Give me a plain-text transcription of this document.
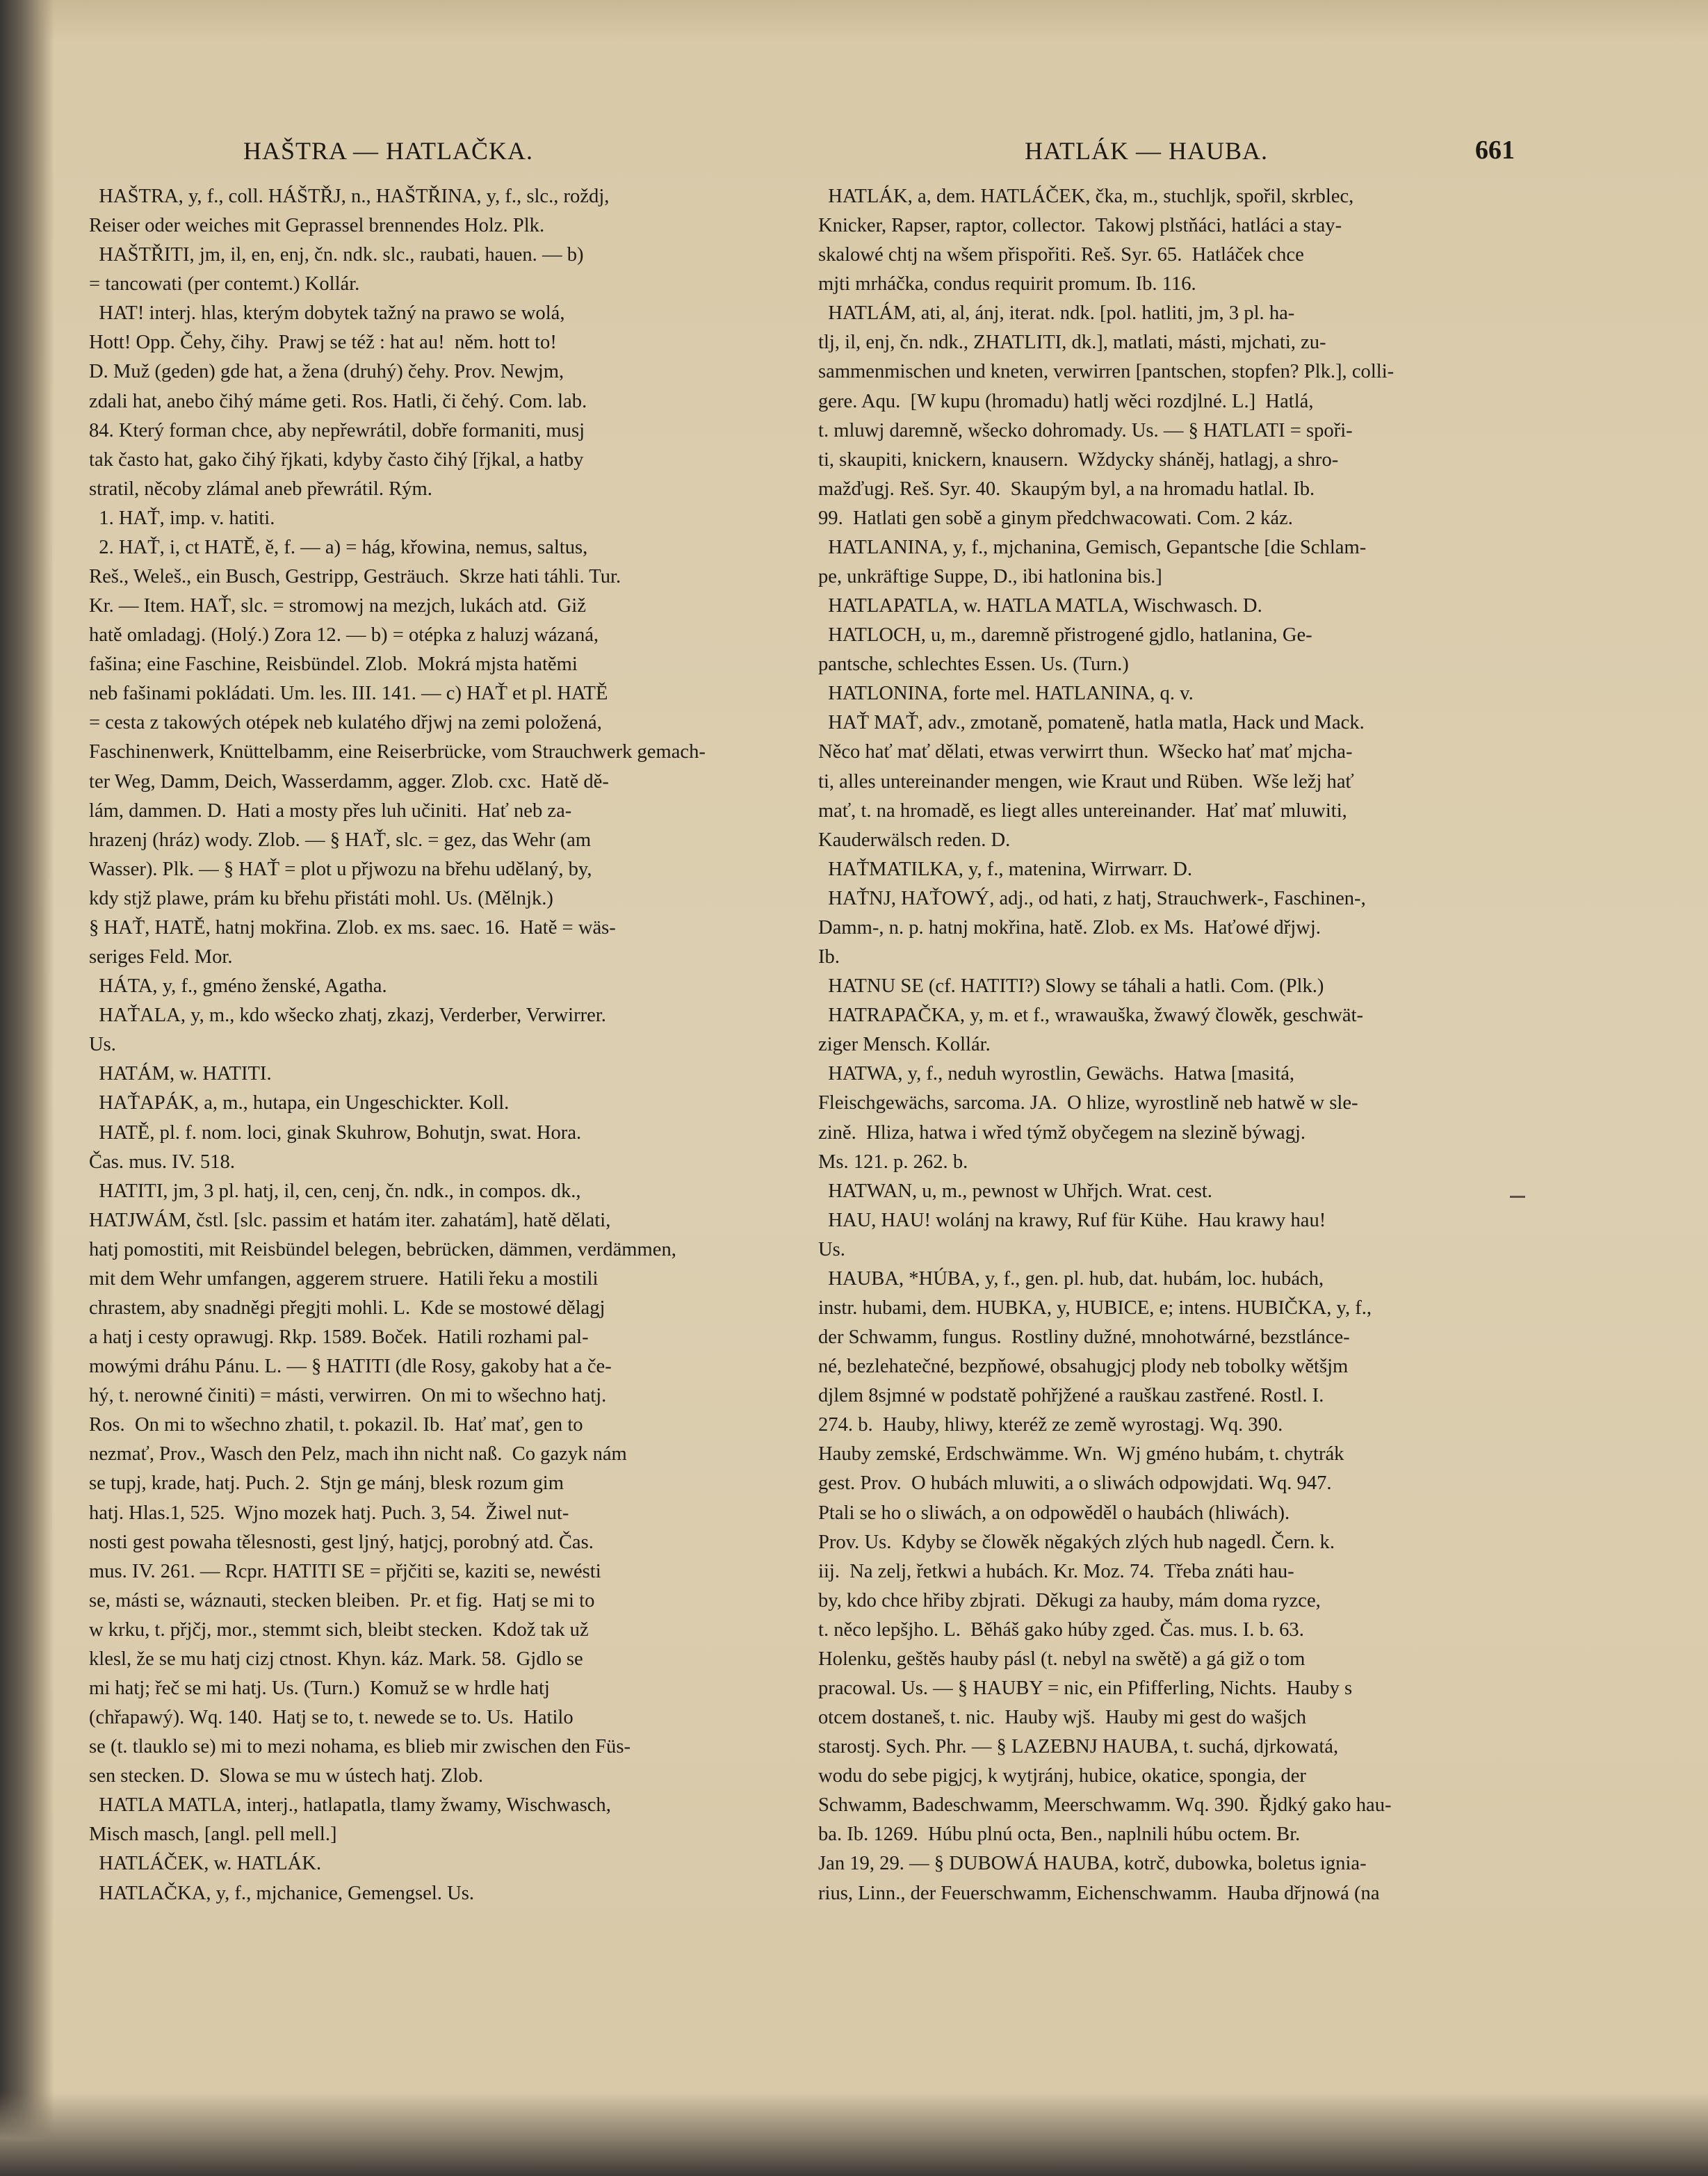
HAŠTRA — HATLAČKA.	HATLÁK — HAUBA.	661
HAŠTRA, y, f., coll. HÁŠTŘJ, n., HAŠTŘINA, y, f., slc., roždj,
Reiser oder weiches mit Geprassel brennendes Holz. Plk.
HAŠTŘITI, jm, il, en, enj, čn. ndk. slc., raubati, hauen. — b)
= tancowati (per contemt.) Kollár.
HAT! interj. hlas, kterým dobytek tažný na prawo se wolá,
Hott! Opp. Čehy, čihy.  Prawj se též : hat au!  něm. hott to!
D. Muž (geden) gde hat, a žena (druhý) čehy. Prov. Newjm,
zdali hat, anebo čihý máme geti. Ros. Hatli, či čehý. Com. lab.
84. Který forman chce, aby nepřewrátil, dobře formaniti, musj
tak často hat, gako čihý řjkati, kdyby často čihý [řjkal, a hatby
stratil, něcoby zlámal aneb přewrátil. Rým.
1. HAŤ, imp. v. hatiti.
2. HAŤ, i, ct HATĚ, ě, f. — a) = hág, křowina, nemus, saltus,
Reš., Weleš., ein Busch, Gestripp, Gesträuch.  Skrze hati táhli. Tur.
Kr. — Item. HAŤ, slc. = stromowj na mezjch, lukách atd.  Giž
hatě omladagj. (Holý.) Zora 12. — b) = otépka z haluzj wázaná,
fašina; eine Faschine, Reisbündel. Zlob.  Mokrá mjsta hatěmi
neb fašinami pokládati. Um. les. III. 141. — c) HAŤ et pl. HATĚ
= cesta z takowých otépek neb kulatého dřjwj na zemi položená,
Faschinenwerk, Knüttelbamm, eine Reiserbrücke, vom Strauchwerk gemach-
ter Weg, Damm, Deich, Wasserdamm, agger. Zlob. cxc.  Hatě dě-
lám, dammen. D.  Hati a mosty přes luh učiniti.  Hať neb za-
hrazenj (hráz) wody. Zlob. — § HAŤ, slc. = gez, das Wehr (am
Wasser). Plk. — § HAŤ = plot u přjwozu na břehu udělaný, by,
kdy stjž plawe, prám ku břehu přistáti mohl. Us. (Mělnjk.)
§ HAŤ, HATĚ, hatnj mokřina. Zlob. ex ms. saec. 16.  Hatě = wäs-
seriges Feld. Mor.
HÁTA, y, f., gméno ženské, Agatha.
HAŤALA, y, m., kdo wšecko zhatj, zkazj, Verderber, Verwirrer.
Us.
HATÁM, w. HATITI.
HAŤAPÁK, a, m., hutapa, ein Ungeschickter. Koll.
HATĚ, pl. f. nom. loci, ginak Skuhrow, Bohutjn, swat. Hora.
Čas. mus. IV. 518.
HATITI, jm, 3 pl. hatj, il, cen, cenj, čn. ndk., in compos. dk.,
HATJWÁM, čstl. [slc. passim et hatám iter. zahatám], hatě dělati,
hatj pomostiti, mit Reisbündel belegen, bebrücken, dämmen, verdämmen,
mit dem Wehr umfangen, aggerem struere.  Hatili řeku a mostili
chrastem, aby snadněgi přegjti mohli. L.  Kde se mostowé dělagj
a hatj i cesty oprawugj. Rkp. 1589. Boček.  Hatili rozhami pal-
mowými dráhu Pánu. L. — § HATITI (dle Rosy, gakoby hat a če-
hý, t. nerowné činiti) = másti, verwirren.  On mi to wšechno hatj.
Ros.  On mi to wšechno zhatil, t. pokazil. Ib.  Hať mať, gen to
nezmať, Prov., Wasch den Pelz, mach ihn nicht naß.  Co gazyk nám
se tupj, krade, hatj. Puch. 2.  Stjn ge mánj, blesk rozum gim
hatj. Hlas.1, 525.  Wjno mozek hatj. Puch. 3, 54.  Žiwel nut-
nosti gest powaha tělesnosti, gest ljný, hatjcj, porobný atd. Čas.
mus. IV. 261. — Rcpr. HATITI SE = přjčiti se, kaziti se, newésti
se, másti se, wáznauti, stecken bleiben.  Pr. et fig.  Hatj se mi to
w krku, t. přjčj, mor., stemmt sich, bleibt stecken.  Kdož tak už
klesl, že se mu hatj cizj ctnost. Khyn. káz. Mark. 58.  Gjdlo se
mi hatj; řeč se mi hatj. Us. (Turn.)  Komuž se w hrdle hatj
(chřapawý). Wq. 140.  Hatj se to, t. newede se to. Us.  Hatilo
se (t. tlauklo se) mi to mezi nohama, es blieb mir zwischen den Füs-
sen stecken. D.  Slowa se mu w ústech hatj. Zlob.
HATLA MATLA, interj., hatlapatla, tlamy žwamy, Wischwasch,
Misch masch, [angl. pell mell.]
HATLÁČEK, w. HATLÁK.
HATLAČKA, y, f., mjchanice, Gemengsel. Us.
HATLÁK, a, dem. HATLÁČEK, čka, m., stuchljk, spořil, skrblec,
Knicker, Rapser, raptor, collector.  Takowj plstňáci, hatláci a stay-
skalowé chtj na wšem přispořiti. Reš. Syr. 65.  Hatláček chce
mjti mrháčka, condus requirit promum. Ib. 116.
HATLÁM, ati, al, ánj, iterat. ndk. [pol. hatliti, jm, 3 pl. ha-
tlj, il, enj, čn. ndk., ZHATLITI, dk.], matlati, másti, mjchati, zu-
sammenmischen und kneten, verwirren [pantschen, stopfen? Plk.], colli-
gere. Aqu.  [W kupu (hromadu) hatlj wěci rozdjlné. L.]  Hatlá,
t. mluwj daremně, wšecko dohromady. Us. — § HATLATI = spoři-
ti, skaupiti, knickern, knausern.  Wždycky sháněj, hatlagj, a shro-
mažďugj. Reš. Syr. 40.  Skaupým byl, a na hromadu hatlal. Ib.
99.  Hatlati gen sobě a ginym předchwacowati. Com. 2 káz.
HATLANINA, y, f., mjchanina, Gemisch, Gepantsche [die Schlam-
pe, unkräftige Suppe, D., ibi hatlonina bis.]
HATLAPATLA, w. HATLA MATLA, Wischwasch. D.
HATLOCH, u, m., daremně přistrogené gjdlo, hatlanina, Ge-
pantsche, schlechtes Essen. Us. (Turn.)
HATLONINA, forte mel. HATLANINA, q. v.
HAŤ MAŤ, adv., zmotaně, pomateně, hatla matla, Hack und Mack.
Něco hať mať dělati, etwas verwirrt thun.  Wšecko hať mať mjcha-
ti, alles untereinander mengen, wie Kraut und Rüben.  Wše ležj hať
mať, t. na hromadě, es liegt alles untereinander.  Hať mať mluwiti,
Kauderwälsch reden. D.
HAŤMATILKA, y, f., matenina, Wirrwarr. D.
HAŤNJ, HAŤOWÝ, adj., od hati, z hatj, Strauchwerk-, Faschinen-,
Damm-, n. p. hatnj mokřina, hatě. Zlob. ex Ms.  Haťowé dřjwj.
Ib.
HATNU SE (cf. HATITI?) Slowy se táhali a hatli. Com. (Plk.)
HATRAPAČKA, y, m. et f., wrawauška, žwawý člowěk, geschwät-
ziger Mensch. Kollár.
HATWA, y, f., neduh wyrostlin, Gewächs.  Hatwa [masitá,
Fleischgewächs, sarcoma. JA.  O hlize, wyrostlině neb hatwě w sle-
zině.  Hliza, hatwa i wřed týmž obyčegem na slezině býwagj.
Ms. 121. p. 262. b.
HATWAN, u, m., pewnost w Uhřjch. Wrat. cest.
HAU, HAU! wolánj na krawy, Ruf für Kühe.  Hau krawy hau!
Us.
HAUBA, *HÚBA, y, f., gen. pl. hub, dat. hubám, loc. hubách,
instr. hubami, dem. HUBKA, y, HUBICE, e; intens. HUBIČKA, y, f.,
der Schwamm, fungus.  Rostliny dužné, mnohotwárné, bezstlánce-
né, bezlehatečné, bezpňowé, obsahugjcj plody neb tobolky wětšjm
djlem 8sjmné w podstatě pohřjžené a rauškau zastřené. Rostl. I.
274. b.  Hauby, hliwy, kteréž ze země wyrostagj. Wq. 390.
Hauby zemské, Erdschwämme. Wn.  Wj gméno hubám, t. chytrák
gest. Prov.  O hubách mluwiti, a o sliwách odpowjdati. Wq. 947.
Ptali se ho o sliwách, a on odpowěděl o haubách (hliwách).
Prov. Us.  Kdyby se člowěk něgakých zlých hub nagedl. Čern. k.
iij.  Na zelj, řetkwi a hubách. Kr. Moz. 74.  Třeba znáti hau-
by, kdo chce hřiby zbjrati.  Děkugi za hauby, mám doma ryzce,
t. něco lepšjho. L.  Běháš gako húby zged. Čas. mus. I. b. 63.
Holenku, geštěs hauby pásl (t. nebyl na swětě) a gá giž o tom
pracowal. Us. — § HAUBY = nic, ein Pfifferling, Nichts.  Hauby s
otcem dostaneš, t. nic.  Hauby wjš.  Hauby mi gest do wašjch
starostj. Sych. Phr. — § LAZEBNJ HAUBA, t. suchá, djrkowatá,
wodu do sebe pigjcj, k wytjránj, hubice, okatice, spongia, der
Schwamm, Badeschwamm, Meerschwamm. Wq. 390.  Řjdký gako hau-
ba. Ib. 1269.  Húbu plnú octa, Ben., naplnili húbu octem. Br.
Jan 19, 29. — § DUBOWÁ HAUBA, kotrč, dubowka, boletus ignia-
rius, Linn., der Feuerschwamm, Eichenschwamm.  Hauba dřjnowá (na
